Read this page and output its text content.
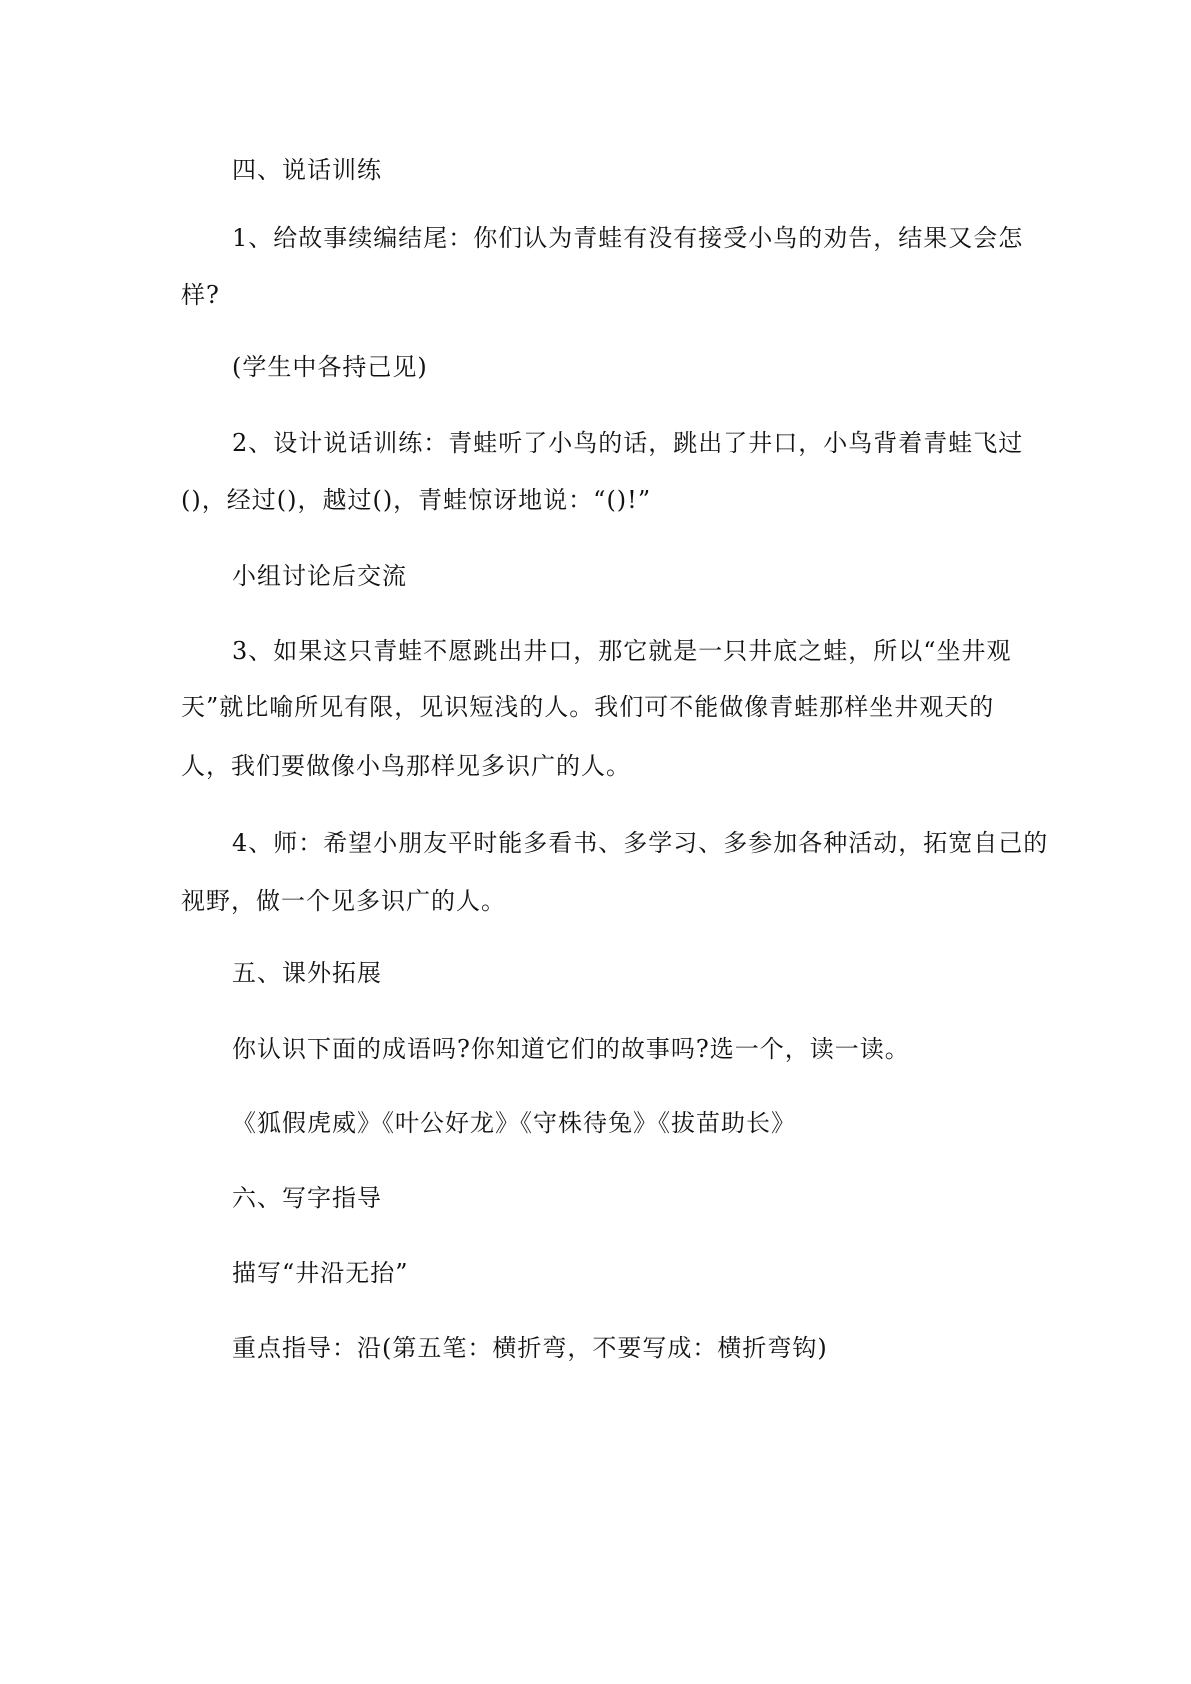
四、说话训练
1、给故事续编结尾：你们认为青蛙有没有接受小鸟的劝告，结果又会怎
样?
(学生中各持己见)
2、设计说话训练：青蛙听了小鸟的话，跳出了井口，小鸟背着青蛙飞过
()，经过()，越过()，青蛙惊讶地说：“()!”
小组讨论后交流
3、如果这只青蛙不愿跳出井口，那它就是一只井底之蛙，所以“坐井观
天”就比喻所见有限，见识短浅的人。我们可不能做像青蛙那样坐井观天的
人，我们要做像小鸟那样见多识广的人。
4、师：希望小朋友平时能多看书、多学习、多参加各种活动，拓宽自己的
视野，做一个见多识广的人。
五、课外拓展
你认识下面的成语吗?你知道它们的故事吗?选一个，读一读。
《狐假虎威》《叶公好龙》《守株待兔》《拔苗助长》
六、写字指导
描写“井沿无抬”
重点指导：沿(第五笔：横折弯，不要写成：横折弯钩)
